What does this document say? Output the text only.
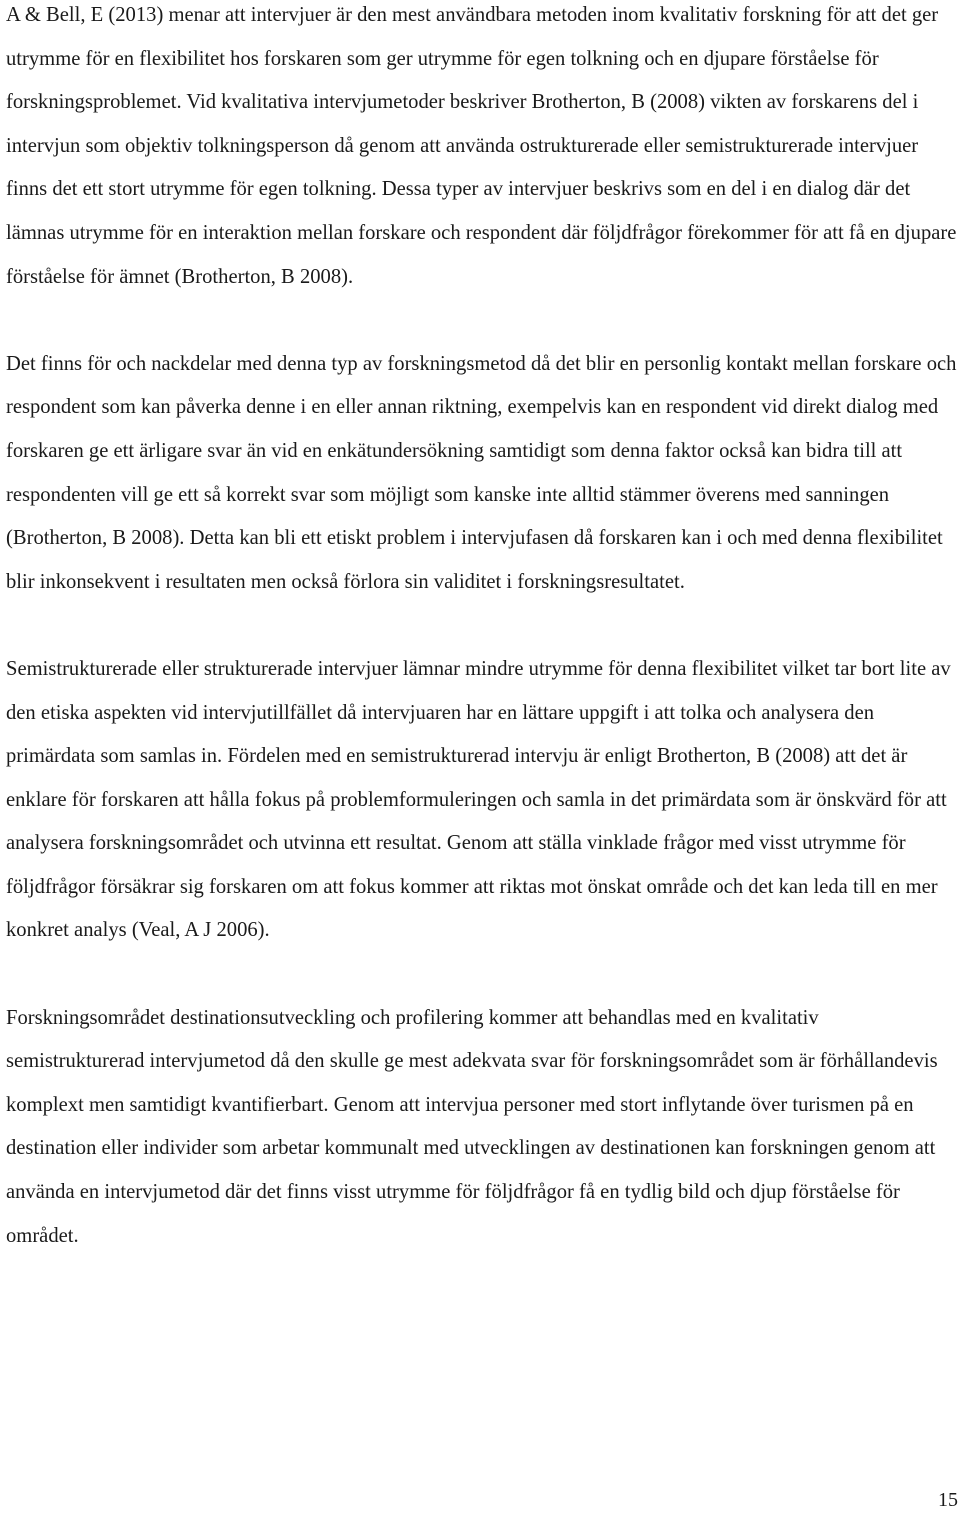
A & Bell, E (2013) menar att intervjuer är den mest användbara metoden inom kvalitativ forskning för att det ger utrymme för en flexibilitet hos forskaren som ger utrymme för egen tolkning och en djupare förståelse för forskningsproblemet. Vid kvalitativa intervjumetoder beskriver Brotherton, B (2008) vikten av forskarens del i intervjun som objektiv tolkningsperson då genom att använda ostrukturerade eller semistrukturerade intervjuer finns det ett stort utrymme för egen tolkning. Dessa typer av intervjuer beskrivs som en del i en dialog där det lämnas utrymme för en interaktion mellan forskare och respondent där följdfrågor förekommer för att få en djupare förståelse för ämnet (Brotherton, B 2008).

Det finns för och nackdelar med denna typ av forskningsmetod då det blir en personlig kontakt mellan forskare och respondent som kan påverka denne i en eller annan riktning, exempelvis kan en respondent vid direkt dialog med forskaren ge ett ärligare svar än vid en enkätundersökning samtidigt som denna faktor också kan bidra till att respondenten vill ge ett så korrekt svar som möjligt som kanske inte alltid stämmer överens med sanningen (Brotherton, B 2008). Detta kan bli ett etiskt problem i intervjufasen då forskaren kan i och med denna flexibilitet blir inkonsekvent i resultaten men också förlora sin validitet i forskningsresultatet.

Semistrukturerade eller strukturerade intervjuer lämnar mindre utrymme för denna flexibilitet vilket tar bort lite av den etiska aspekten vid intervjutillfället då intervjuaren har en lättare uppgift i att tolka och analysera den primärdata som samlas in. Fördelen med en semistrukturerad intervju är enligt Brotherton, B (2008) att det är enklare för forskaren att hålla fokus på problemformuleringen och samla in det primärdata som är önskvärd för att analysera forskningsområdet och utvinna ett resultat. Genom att ställa vinklade frågor med visst utrymme för följdfrågor försäkrar sig forskaren om att fokus kommer att riktas mot önskat område och det kan leda till en mer konkret analys (Veal, A J 2006).

Forskningsområdet destinationsutveckling och profilering kommer att behandlas med en kvalitativ semistrukturerad intervjumetod då den skulle ge mest adekvata svar för forskningsområdet som är förhållandevis komplext men samtidigt kvantifierbart. Genom att intervjua personer med stort inflytande över turismen på en destination eller individer som arbetar kommunalt med utvecklingen av destinationen kan forskningen genom att använda en intervjumetod där det finns visst utrymme för följdfrågor få en tydlig bild och djup förståelse för området.

15
